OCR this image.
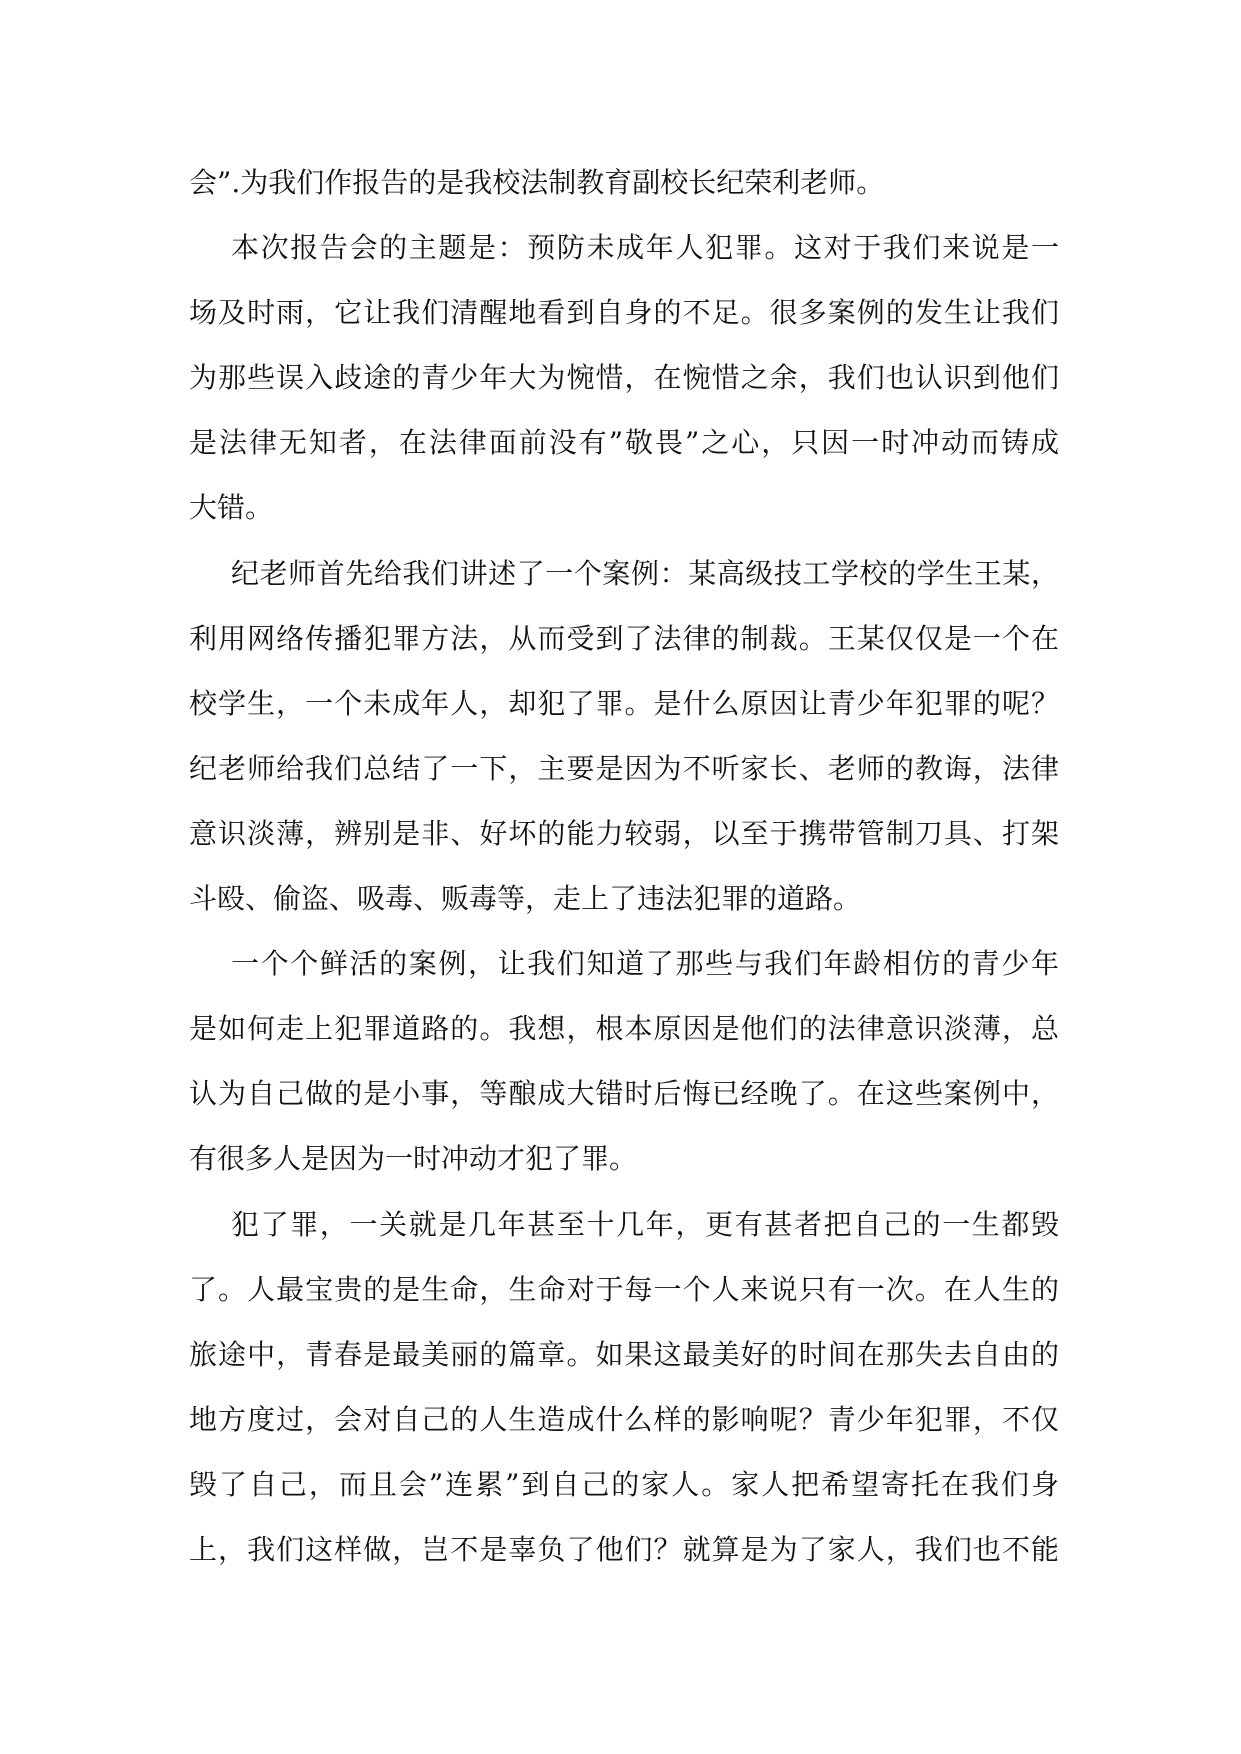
会”.为我们作报告的是我校法制教育副校长纪荣利老师。
本次报告会的主题是：预防未成年人犯罪。这对于我们来说是一
场及时雨，它让我们清醒地看到自身的不足。很多案例的发生让我们
为那些误入歧途的青少年大为惋惜，在惋惜之余，我们也认识到他们
是法律无知者，在法律面前没有”敬畏”之心，只因一时冲动而铸成
大错。
纪老师首先给我们讲述了一个案例：某高级技工学校的学生王某，
利用网络传播犯罪方法，从而受到了法律的制裁。王某仅仅是一个在
校学生，一个未成年人，却犯了罪。是什么原因让青少年犯罪的呢？
纪老师给我们总结了一下，主要是因为不听家长、老师的教诲，法律
意识淡薄，辨别是非、好坏的能力较弱，以至于携带管制刀具、打架
斗殴、偷盗、吸毒、贩毒等，走上了违法犯罪的道路。
一个个鲜活的案例，让我们知道了那些与我们年龄相仿的青少年
是如何走上犯罪道路的。我想，根本原因是他们的法律意识淡薄，总
认为自己做的是小事，等酿成大错时后悔已经晚了。在这些案例中，
有很多人是因为一时冲动才犯了罪。
犯了罪，一关就是几年甚至十几年，更有甚者把自己的一生都毁
了。人最宝贵的是生命，生命对于每一个人来说只有一次。在人生的
旅途中，青春是最美丽的篇章。如果这最美好的时间在那失去自由的
地方度过，会对自己的人生造成什么样的影响呢？青少年犯罪，不仅
毁了自己，而且会”连累”到自己的家人。家人把希望寄托在我们身
上，我们这样做，岂不是辜负了他们？就算是为了家人，我们也不能
